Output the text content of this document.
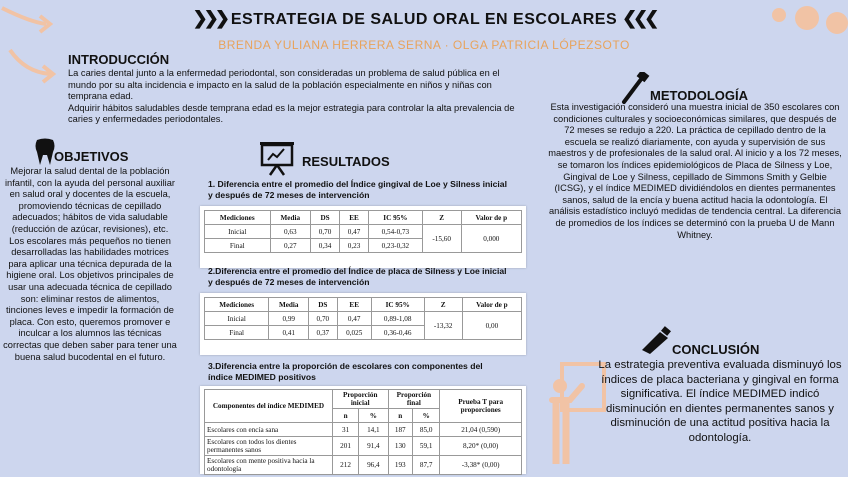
❯❯❯ ESTRATEGIA DE SALUD ORAL EN ESCOLARES ❮❮❮
BRENDA YULIANA HERRERA SERNA · OLGA PATRICIA LÓPEZSOTO
INTRODUCCIÓN
La caries dental junto a la enfermedad periodontal, son consideradas un problema de salud pública en el mundo por su alta incidencia e impacto en la salud de la población especialmente en niños y niñas con temprana edad.
Adquirir hábitos saludables desde temprana edad es la mejor estrategia para controlar la alta prevalencia de caries y enfermedades periodontales.
OBJETIVOS
Mejorar la salud dental de la población infantil, con la ayuda del personal auxiliar en salud oral y docentes de la escuela, promoviendo técnicas de cepillado adecuados; hábitos de vida saludable (reducción de azúcar, revisiones), etc.
Los escolares más pequeños no tienen desarrolladas las habilidades motrices para aplicar una técnica depurada de la higiene oral. Los objetivos principales de usar una adecuada técnica de cepillado son: eliminar restos de alimentos, tinciones leves e impedir la formación de placa. Con esto, queremos promover e inculcar a los alumnos las técnicas correctas que deben saber para tener una buena salud bucodental en el futuro.
RESULTADOS
1. Diferencia entre el promedio del Índice gingival de Loe y Silness inicial y después de 72 meses de intervención
Mediciones	Media	DS	EE	IC 95%	Z	Valor de p
Inicial	0,63	0,70	0,47	0,54-0,73	-15,60	0,000
Final	0,27	0,34	0,23	0,23-0,32		
2.Diferencia entre el promedio del Índice de placa de Silness y Loe inicial y después de 72 meses de intervención
Mediciones	Media	DS	EE	IC 95%	Z	Valor de p
Inicial	0,99	0,70	0,47	0,89-1,08	-13,32	0,00
Final	0,41	0,37	0,025	0,36-0,46		
3.Diferencia entre la proporción de escolares con componentes del índice MEDIMED positivos
Componentes del índice MEDIMED	Proporción inicial		Proporción final		Prueba T para proporciones
	n	%	n	%	
Escolares con encía sana	31	14,1	187	85,0	21,04 (0,590)
Escolares con todos los dientes permanentes sanos	201	91,4	130	59,1	8,20* (0,00)
Escolares con mente positiva hacia la odontología	212	96,4	193	87,7	-3,38* (0,00)
METODOLOGÍA
Esta investigación consideró una muestra inicial de 350 escolares con condiciones culturales y socioeconómicas similares, que después de 72 meses se redujo a 220. La práctica de cepillado dentro de la escuela se realizó diariamente, con ayuda y supervisión de sus maestros y de profesionales de la salud oral. Al inicio y a los 72 meses, se tomaron los índices epidemiológicos de Placa de Silness y Loe, Gingival de Loe y Silness, cepillado de Simmons Smith y Gelbie (ICSG), y el índice MEDIMED dividiéndolos en dientes permanentes sanos, salud de la encía y buena actitud hacia la odontología. El análisis estadístico incluyó medidas de tendencia central. La diferencia de promedios de los índices se determinó con la prueba U de Mann Whitney.
CONCLUSIÓN
La estrategia preventiva evaluada disminuyó los índices de placa bacteriana y gingival en forma significativa. El índice MEDIMED indicó disminución en dientes permanentes sanos y disminución de una actitud positiva hacia la odontología.
